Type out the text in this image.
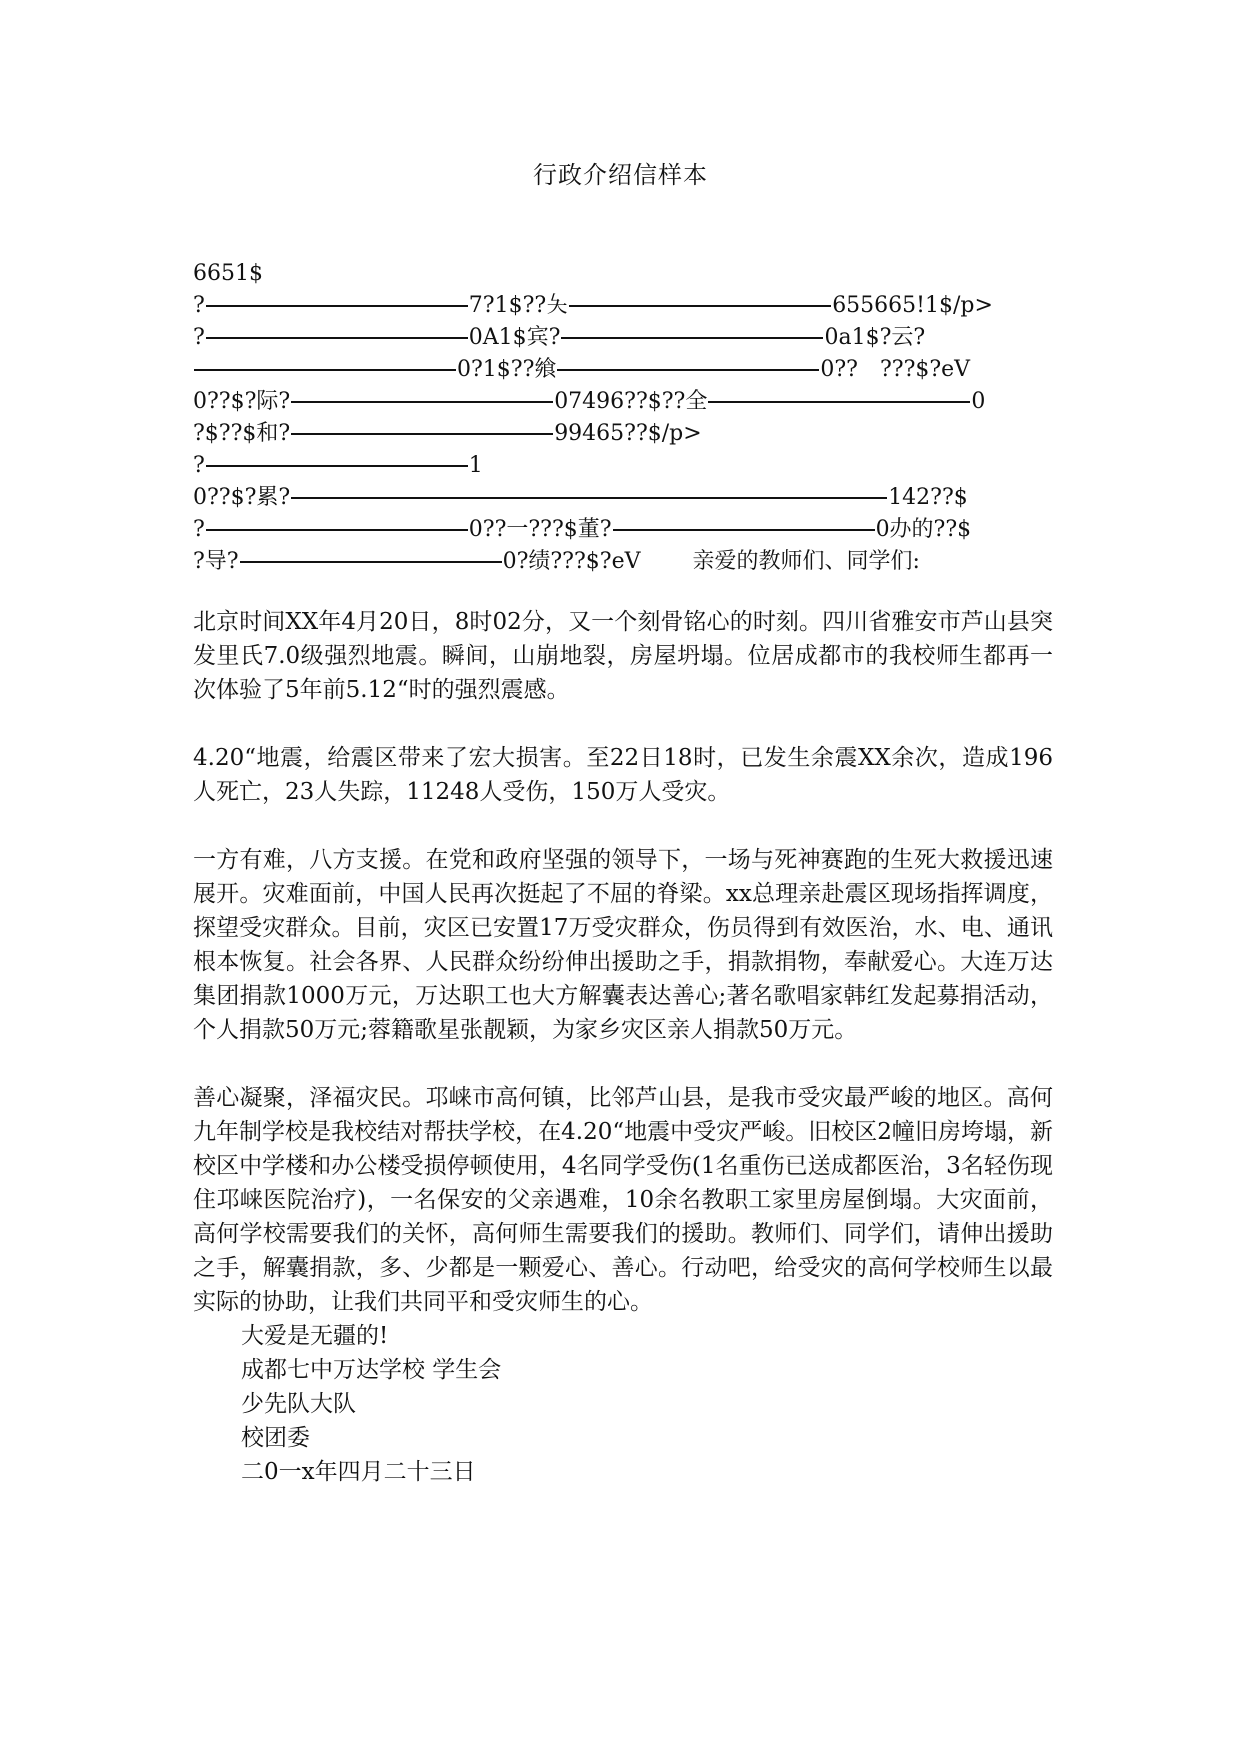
行政介绍信样本
6651$
?	7?1$??夨	655665!1$/p>
?	0A1$宾?	0a1$?云?
0?1$??飨	0??　???$?eV
0??$?际?	07496??$??全	0
?$??$和?	99465??$/p>
?	1
0??$?累?	142??$
?	0??一???$董?	0办的??$
?导?	0?绩???$?eV 亲爱的教师们、同学们:

北京时间XX年4月20日，8时02分，又一个刻骨铭心的时刻。四川省雅安市芦山县突发里氏7.0级强烈地震。瞬间，山崩地裂，房屋坍塌。位居成都市的我校师生都再一次体验了5年前5.12“时的强烈震感。

4.20“地震，给震区带来了宏大损害。至22日18时，已发生余震XX余次，造成196人死亡，23人失踪，11248人受伤，150万人受灾。

一方有难，八方支援。在党和政府坚强的领导下，一场与死神赛跑的生死大救援迅速展开。灾难面前，中国人民再次挺起了不屈的脊梁。xx总理亲赴震区现场指挥调度，探望受灾群众。目前，灾区已安置17万受灾群众，伤员得到有效医治，水、电、通讯根本恢复。社会各界、人民群众纷纷伸出援助之手，捐款捐物，奉献爱心。大连万达集团捐款1000万元，万达职工也大方解囊表达善心;著名歌唱家韩红发起募捐活动，个人捐款50万元;蓉籍歌星张靓颖，为家乡灾区亲人捐款50万元。

善心凝聚，泽福灾民。邛崃市高何镇，比邻芦山县，是我市受灾最严峻的地区。高何九年制学校是我校结对帮扶学校，在4.20“地震中受灾严峻。旧校区2幢旧房垮塌，新校区中学楼和办公楼受损停顿使用，4名同学受伤(1名重伤已送成都医治，3名轻伤现住邛崃医院治疗)，一名保安的父亲遇难，10余名教职工家里房屋倒塌。大灾面前，高何学校需要我们的关怀，高何师生需要我们的援助。教师们、同学们，请伸出援助之手，解囊捐款，多、少都是一颗爱心、善心。行动吧，给受灾的高何学校师生以最实际的协助，让我们共同平和受灾师生的心。

大爱是无疆的!
成都七中万达学校 学生会
少先队大队
校团委
二0一x年四月二十三日
